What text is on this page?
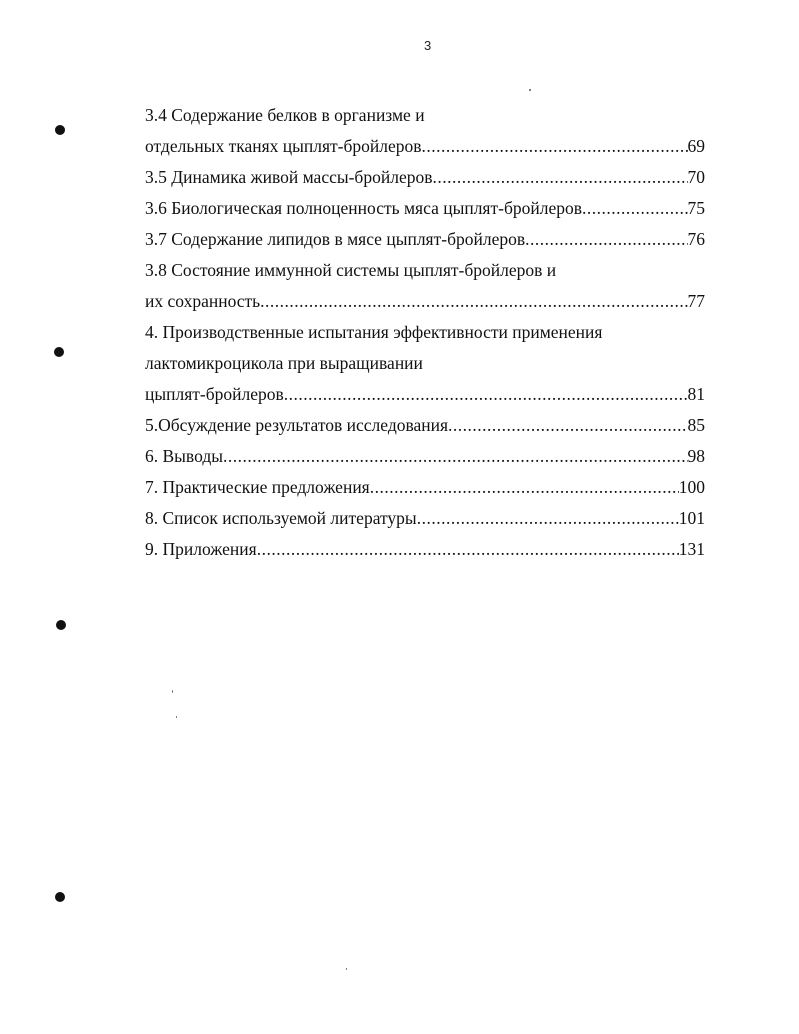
3
3.4 Содержание белков в организме и
отдельных тканях цыплят-бройлеров .....	69
3.5 Динамика живой массы-бройлеров .....	70
3.6 Биологическая полноценность мяса цыплят-бройлеров .....	75
3.7 Содержание липидов в мясе цыплят-бройлеров .....	76
3.8 Состояние иммунной системы цыплят-бройлеров и
их сохранность .....	77
4. Производственные испытания эффективности применения
лактомикроцикола при выращивании
цыплят-бройлеров .....	81
5.Обсуждение результатов исследования .....	85
6. Выводы .....	98
7. Практические предложения .....	100
8. Список используемой литературы .....	101
9. Приложения .....	131
